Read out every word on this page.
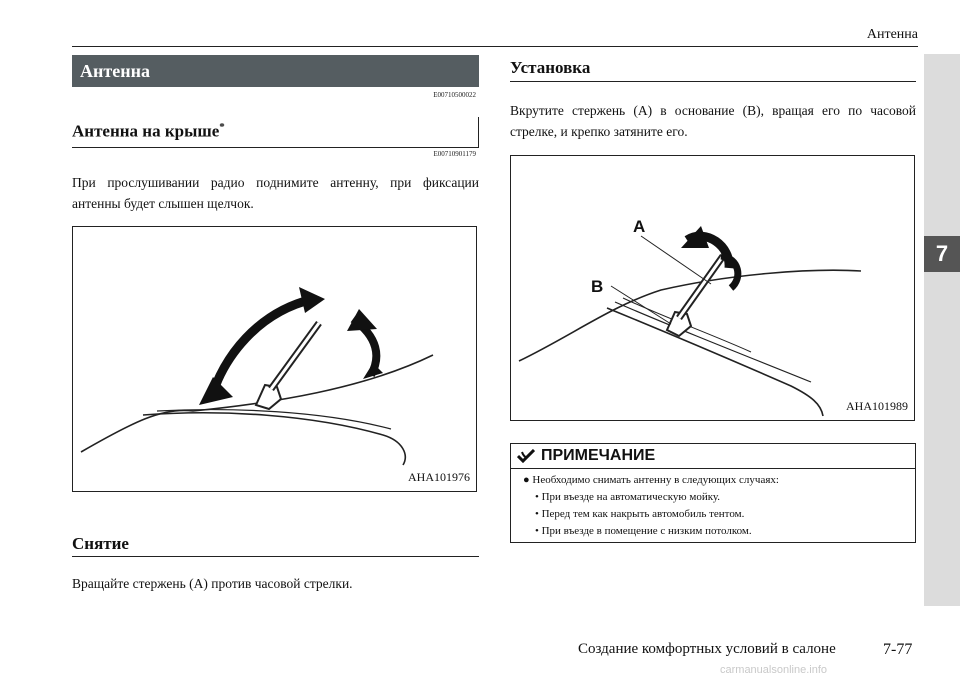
Антенна
7
Антенна
E00710500022
Антенна на крыше*
E00710901179
При прослушивании радио поднимите антенну, при фиксации антенны будет слышен щелчок.
AHA101976
Снятие
Вращайте стержень (A) против часовой стрелки.
Установка
Вкрутите стержень (A) в основание (B), вращая его по часовой стрелке, и крепко затяните его.
A
B
AHA101989
ПРИМЕЧАНИЕ
● Необходимо снимать антенну в следующих случаях:
• При въезде на автоматическую мойку.
• Перед тем как накрыть автомобиль тентом.
• При въезде в помещение с низким потолком.
Создание комфортных условий в салоне	7-77
carmanualsonline.info
